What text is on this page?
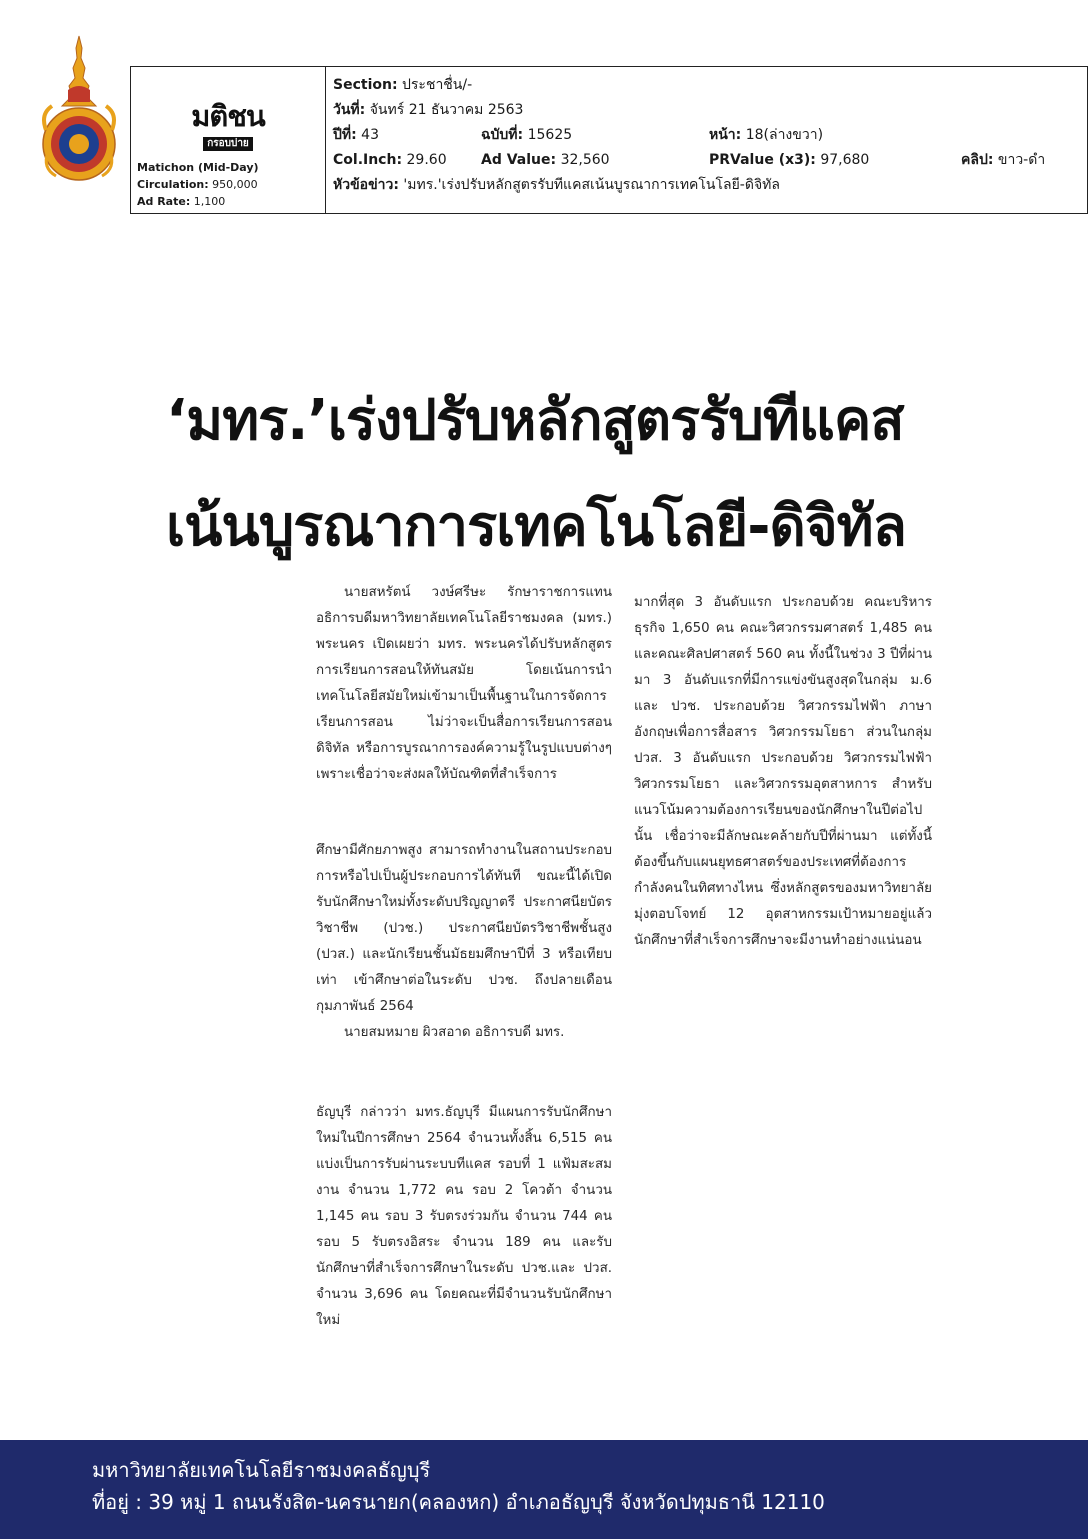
มติชน
กรอบบ่าย
Matichon (Mid-Day)
Circulation: 950,000
Ad Rate: 1,100
Section: ประชาชื่น/-
วันที่: จันทร์ 21 ธันวาคม 2563
ปีที่: 43	ฉบับที่: 15625	หน้า: 18(ล่างขวา)
Col.Inch: 29.60 Ad Value: 32,560	PRValue (x3): 97,680	คลิป: ขาว-ดำ
หัวข้อข่าว: 'มทร.'เร่งปรับหลักสูตรรับทีแคสเน้นบูรณาการเทคโนโลยี-ดิจิทัล
‘มทร.’เร่งปรับหลักสูตรรับทีแคส
เน้นบูรณาการเทคโนโลยี-ดิจิทัล

นายสหรัตน์ วงษ์ศรีษะ รักษาราชการแทนอธิการบดีมหาวิทยาลัยเทคโนโลยีราชมงคล (มทร.) พระนคร เปิดเผยว่า มทร. พระนครได้ปรับหลักสูตรการเรียนการสอนให้ทันสมัย โดยเน้นการนำเทคโนโลยีสมัยใหม่เข้ามาเป็นพื้นฐานในการจัดการเรียนการสอน ไม่ว่าจะเป็นสื่อการเรียนการสอนดิจิทัล หรือการบูรณาการองค์ความรู้ในรูปแบบต่างๆ เพราะเชื่อว่าจะส่งผลให้บัณฑิตที่สำเร็จการ

ศึกษามีศักยภาพสูง สามารถทำงานในสถานประกอบการหรือไปเป็นผู้ประกอบการได้ทันที ขณะนี้ได้เปิดรับนักศึกษาใหม่ทั้งระดับปริญญาตรี ประกาศนียบัตรวิชาชีพ (ปวช.) ประกาศนียบัตรวิชาชีพชั้นสูง (ปวส.) และนักเรียนชั้นมัธยมศึกษาปีที่ 3 หรือเทียบเท่า เข้าศึกษาต่อในระดับ ปวช. ถึงปลายเดือนกุมภาพันธ์ 2564

นายสมหมาย ผิวสอาด อธิการบดี มทร.

ธัญบุรี กล่าวว่า มทร.ธัญบุรี มีแผนการรับนักศึกษาใหม่ในปีการศึกษา 2564 จำนวนทั้งสิ้น 6,515 คน แบ่งเป็นการรับผ่านระบบทีแคส รอบที่ 1 แฟ้มสะสมงาน จำนวน 1,772 คน รอบ 2 โควต้า จำนวน 1,145 คน รอบ 3 รับตรงร่วมกัน จำนวน 744 คน รอบ 5 รับตรงอิสระ จำนวน 189 คน และรับนักศึกษาที่สำเร็จการศึกษาในระดับ ปวช.และ ปวส. จำนวน 3,696 คน โดยคณะที่มีจำนวนรับนักศึกษาใหม่

มากที่สุด 3 อันดับแรก ประกอบด้วย คณะบริหาร ธุรกิจ 1,650 คน คณะวิศวกรรมศาสตร์ 1,485 คน และคณะศิลปศาสตร์ 560 คน ทั้งนี้ในช่วง 3 ปีที่ผ่านมา 3 อันดับแรกที่มีการแข่งขันสูงสุดในกลุ่ม ม.6 และ ปวช. ประกอบด้วย วิศวกรรมไฟฟ้า ภาษาอังกฤษเพื่อการสื่อสาร วิศวกรรมโยธา ส่วนในกลุ่ม ปวส. 3 อันดับแรก ประกอบด้วย วิศวกรรมไฟฟ้า วิศวกรรมโยธา และวิศวกรรมอุตสาหการ สำหรับแนวโน้มความต้องการเรียนของนักศึกษาในปีต่อไปนั้น เชื่อว่าจะมีลักษณะคล้ายกับปีที่ผ่านมา แต่ทั้งนี้ต้องขึ้นกับแผนยุทธศาสตร์ของประเทศที่ต้องการกำลังคนในทิศทางไหน ซึ่งหลักสูตรของมหาวิทยาลัยมุ่งตอบโจทย์ 12 อุตสาหกรรมเป้าหมายอยู่แล้ว นักศึกษาที่สำเร็จการศึกษาจะมีงานทำอย่างแน่นอน

มหาวิทยาลัยเทคโนโลยีราชมงคลธัญบุรี
ที่อยู่ : 39 หมู่ 1 ถนนรังสิต-นครนายก(คลองหก) อำเภอธัญบุรี จังหวัดปทุมธานี 12110
